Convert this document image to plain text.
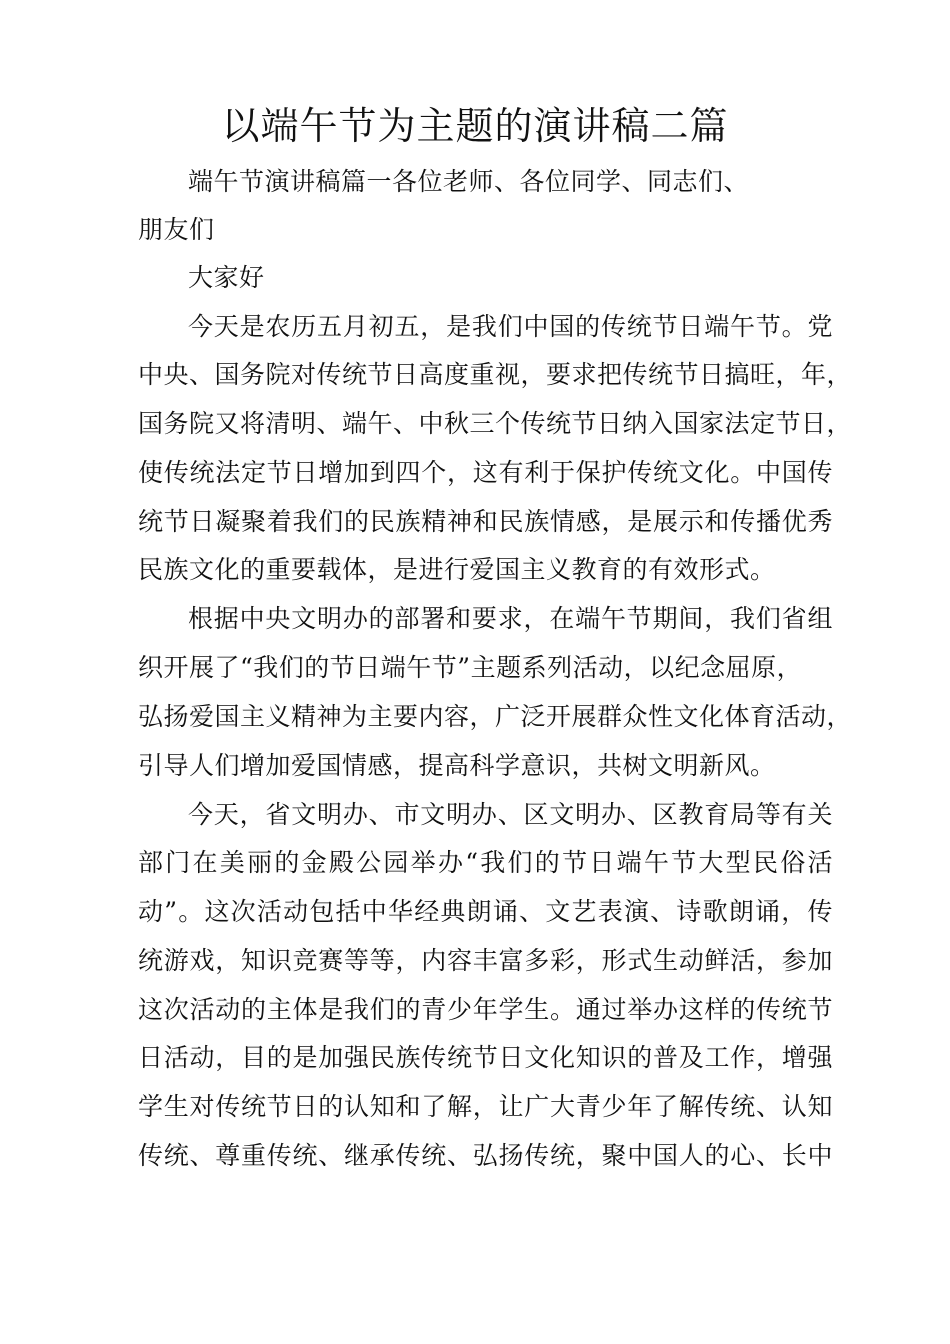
以端午节为主题的演讲稿二篇
端午节演讲稿篇一各位老师、各位同学、同志们、
朋友们
大家好
今天是农历五月初五，是我们中国的传统节日端午节。党
中央、国务院对传统节日高度重视，要求把传统节日搞旺，年，
国务院又将清明、端午、中秋三个传统节日纳入国家法定节日，
使传统法定节日增加到四个，这有利于保护传统文化。中国传
统节日凝聚着我们的民族精神和民族情感，是展示和传播优秀
民族文化的重要载体，是进行爱国主义教育的有效形式。
根据中央文明办的部署和要求，在端午节期间，我们省组
织开展了“我们的节日端午节”主题系列活动，以纪念屈原，
弘扬爱国主义精神为主要内容，广泛开展群众性文化体育活动，
引导人们增加爱国情感，提高科学意识，共树文明新风。
今天，省文明办、市文明办、区文明办、区教育局等有关
部门在美丽的金殿公园举办“我们的节日端午节大型民俗活
动”。这次活动包括中华经典朗诵、文艺表演、诗歌朗诵，传
统游戏，知识竞赛等等，内容丰富多彩，形式生动鲜活，参加
这次活动的主体是我们的青少年学生。通过举办这样的传统节
日活动，目的是加强民族传统节日文化知识的普及工作，增强
学生对传统节日的认知和了解，让广大青少年了解传统、认知
传统、尊重传统、继承传统、弘扬传统，聚中国人的心、长中
